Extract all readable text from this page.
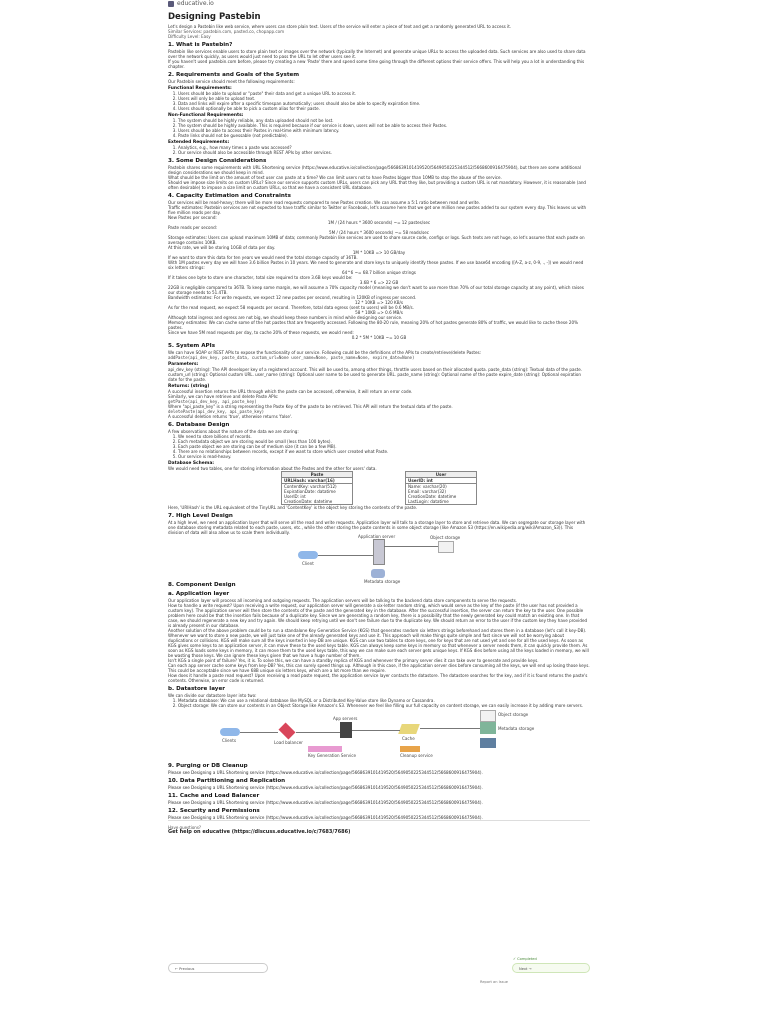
educative.io
Designing Pastebin

Let's design a Pastebin like web service, where users can store plain text. Users of the service will enter a piece of text and get a randomly generated URL to access it.

Similar Services: pastebin.com, pasted.co, chopapp.com

Difficulty Level: Easy

1. What is Pastebin?

Pastebin like services enable users to store plain text or images over the network (typically the Internet) and generate unique URLs to access the uploaded data. Such services are also used to share data over the network quickly, as users would just need to pass the URL to let other users see it.

If you haven't used pastebin.com before, please try creating a new 'Paste' there and spend some time going through the different options their service offers. This will help you a lot in understanding this chapter.

2. Requirements and Goals of the System

Our Pastebin service should meet the following requirements:

Functional Requirements:
1. Users should be able to upload or "paste" their data and get a unique URL to access it.
2. Users will only be able to upload text.
3. Data and links will expire after a specific timespan automatically; users should also be able to specify expiration time.
4. Users should optionally be able to pick a custom alias for their paste.
Non-Functional Requirements:
1. The system should be highly reliable, any data uploaded should not be lost.
2. The system should be highly available. This is required because if our service is down, users will not be able to access their Pastes.
3. Users should be able to access their Pastes in real-time with minimum latency.
4. Paste links should not be guessable (not predictable).
Extended Requirements:
1. Analytics, e.g., how many times a paste was accessed?
2. Our service should also be accessible through REST APIs by other services.
3. Some Design Considerations

Pastebin shares some requirements with URL Shortening service (https://www.educative.io/collection/page/5668639101419520/5649050225344512/5668600916475904), but there are some additional design considerations we should keep in mind.

What should be the limit on the amount of text user can paste at a time? We can limit users not to have Pastes bigger than 10MB to stop the abuse of the service.

Should we impose size limits on custom URLs? Since our service supports custom URLs, users can pick any URL that they like, but providing a custom URL is not mandatory. However, it is reasonable (and often desirable) to impose a size limit on custom URLs, so that we have a consistent URL database.

4. Capacity Estimation and Constraints

Our services will be read-heavy; there will be more read requests compared to new Pastes creation. We can assume a 5:1 ratio between read and write.

Traffic estimates: Pastebin services are not expected to have traffic similar to Twitter or Facebook, let's assume here that we get one million new pastes added to our system every day. This leaves us with five million reads per day.

New Pastes per second:

1M / (24 hours * 3600 seconds) ~= 12 pastes/sec

Paste reads per second:

5M / (24 hours * 3600 seconds) ~= 58 reads/sec

Storage estimates: Users can upload maximum 10MB of data; commonly Pastebin like services are used to share source code, configs or logs. Such texts are not huge, so let's assume that each paste on average contains 10KB.

At this rate, we will be storing 10GB of data per day.

1M * 10KB => 10 GB/day

If we want to store this data for ten years we would need the total storage capacity of 36TB.

With 1M pastes every day we will have 3.6 billion Pastes in 10 years. We need to generate and store keys to uniquely identify these pastes. If we use base64 encoding ([A-Z, a-z, 0-9, ., -]) we would need six letters strings:

64^6 ~= 68.7 billion unique strings

If it takes one byte to store one character, total size required to store 3.6B keys would be:

3.6B * 6 => 22 GB

22GB is negligible compared to 36TB. To keep some margin, we will assume a 70% capacity model (meaning we don't want to use more than 70% of our total storage capacity at any point), which raises our storage needs to 51.4TB.

Bandwidth estimates: For write requests, we expect 12 new pastes per second, resulting in 120KB of ingress per second.

12 * 10KB => 120 KB/s

As for the read request, we expect 58 requests per second. Therefore, total data egress (sent to users) will be 0.6 MB/s.

58 * 10KB => 0.6 MB/s

Although total ingress and egress are not big, we should keep these numbers in mind while designing our service.

Memory estimates: We can cache some of the hot pastes that are frequently accessed. Following the 80-20 rule, meaning 20% of hot pastes generate 80% of traffic, we would like to cache these 20% pastes.

Since we have 5M read requests per day, to cache 20% of these requests, we would need:

0.2 * 5M * 10KB ~= 10 GB
5. System APIs

We can have SOAP or REST APIs to expose the functionality of our service. Following could be the definitions of the APIs to create/retrieve/delete Pastes:

addPaste(api_dev_key, paste_data, custom_url=None user_name=None, paste_name=None, expire_date=None)
Parameters:

api_dev_key (string): The API developer key of a registered account. This will be used to, among other things, throttle users based on their allocated quota. paste_data (string): Textual data of the paste. custom_url (string): Optional custom URL. user_name (string): Optional user name to be used to generate URL. paste_name (string): Optional name of the paste expire_date (string): Optional expiration date for the paste.

Returns: (string)

A successful insertion returns the URL through which the paste can be accessed, otherwise, it will return an error code.

Similarly, we can have retrieve and delete Paste APIs:

getPaste(api_dev_key, api_paste_key)

Where "api_paste_key" is a string representing the Paste Key of the paste to be retrieved. This API will return the textual data of the paste.

deletePaste(api_dev_key, api_paste_key)

A successful deletion returns 'true', otherwise returns 'false'.

6. Database Design

A few observations about the nature of the data we are storing:

1. We need to store billions of records.
2. Each metadata object we are storing would be small (less than 100 bytes).
3. Each paste object we are storing can be of medium size (it can be a few MB).
4. There are no relationships between records, except if we want to store which user created what Paste.
5. Our service is read-heavy.
Database Schema:

We would need two tables, one for storing information about the Pastes and the other for users' data.

Paste
URLHash: varchar(16)
ContentKey: varchar(512)
ExpirationDate: datatime
UserID: int
CreationDate: datetime
User
UserID: int
Name: varchar(20)
Email: varchar(32)
CreationDate: datetime
LastLogin: datatime

Here, 'URlHash' is the URL equivalent of the TinyURL and 'ContentKey' is the object key storing the contents of the paste.

7. High Level Design

At a high level, we need an application layer that will serve all the read and write requests. Application layer will talk to a storage layer to store and retrieve data. We can segregate our storage layer with one database storing metadata related to each paste, users, etc., while the other storing the paste contents in some object storage (like Amazon S3 (https://en.wikipedia.org/wiki/Amazon_S3)). This division of data will also allow us to scale them individually.

Client
Application server	Object storage
Metadata storage
8. Component Design
a. Application layer

Our application layer will process all incoming and outgoing requests. The application servers will be talking to the backend data store components to serve the requests.

How to handle a write request? Upon receiving a write request, our application server will generate a six-letter random string, which would serve as the key of the paste (if the user has not provided a custom key). The application server will then store the contents of the paste and the generated key in the database. After the successful insertion, the server can return the key to the user. One possible problem here could be that the insertion fails because of a duplicate key. Since we are generating a random key, there is a possibility that the newly generated key could match an existing one. In that case, we should regenerate a new key and try again. We should keep retrying until we don't see failure due to the duplicate key. We should return an error to the user if the custom key they have provided is already present in our database.

Another solution of the above problem could be to run a standalone Key Generation Service (KGS) that generates random six letters strings beforehand and stores them in a database (let's call it key-DB). Whenever we want to store a new paste, we will just take one of the already generated keys and use it. This approach will make things quite simple and fast since we will not be worrying about duplications or collisions. KGS will make sure all the keys inserted in key-DB are unique. KGS can use two tables to store keys, one for keys that are not used yet and one for all the used keys. As soon as KGS gives some keys to an application server, it can move these to the used keys table. KGS can always keep some keys in memory so that whenever a server needs them, it can quickly provide them. As soon as KGS loads some keys in memory, it can move them to the used keys table, this way we can make sure each server gets unique keys. If KGS dies before using all the keys loaded in memory, we will be wasting those keys. We can ignore these keys given that we have a huge number of them.

Isn't KGS a single point of failure? Yes, it is. To solve this, we can have a standby replica of KGS and whenever the primary server dies it can take over to generate and provide keys.

Can each app server cache some keys from key-DB? Yes, this can surely speed things up. Although in this case, if the application server dies before consuming all the keys, we will end up losing those keys. This could be acceptable since we have 68B unique six letters keys, which are a lot more than we require.

How does it handle a paste read request? Upon receiving a read paste request, the application service layer contacts the datastore. The datastore searches for the key, and if it is found returns the paste's contents. Otherwise, an error code is returned.

b. Datastore layer

We can divide our datastore layer into two:

1. Metadata database: We can use a relational database like MySQL or a Distributed Key-Value store like Dynamo or Cassandra.
2. Object storage: We can store our contents in an Object Storage like Amazon's S3. Whenever we feel like filling our full capacity on content storage, we can easily increase it by adding more servers.
Clients	Load balancer
App servers
Cache
Object storage
Metadata storage
Key Generation Service	Cleanup service
9. Purging or DB Cleanup

Please see Designing a URL Shortening service (https://www.educative.io/collection/page/5668639101419520/5649050225344512/5668600916475904).

10. Data Partitioning and Replication

Please see Designing a URL Shortening service (https://www.educative.io/collection/page/5668639101419520/5649050225344512/5668600916475904).

11. Cache and Load Balancer

Please see Designing a URL Shortening service (https://www.educative.io/collection/page/5668639101419520/5649050225344512/5668600916475904).

12. Security and Permissions

Please see Designing a URL Shortening service (https://www.educative.io/collection/page/5668639101419520/5649050225344512/5668600916475904).

Have questions?
Get help on educative (https://discuss.educative.io/c/7683/7686)
✓ Completed
← Previous	Next →
Report an Issue
